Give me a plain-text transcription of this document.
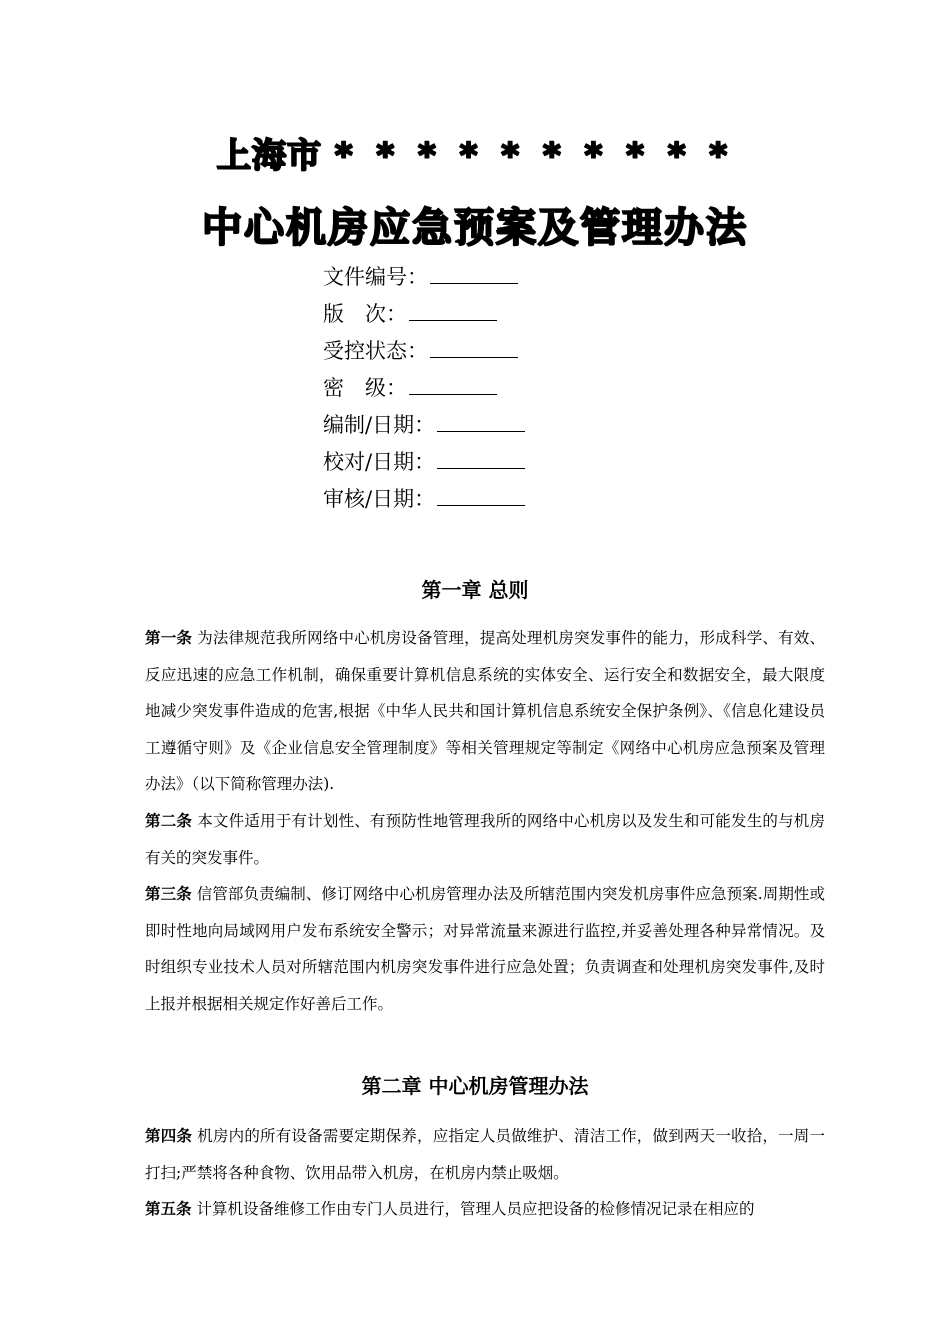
上海市 * * * * * * * * * *
中心机房应急预案及管理办法
文件编号：
版　次：
受控状态：
密　级：
编制/日期：
校对/日期：
审核/日期：
第一章 总则
第一条 为法律规范我所网络中心机房设备管理，提高处理机房突发事件的能力，形成科学、有效、反应迅速的应急工作机制，确保重要计算机信息系统的实体安全、运行安全和数据安全，最大限度地减少突发事件造成的危害,根据《中华人民共和国计算机信息系统安全保护条例》、《信息化建设员工遵循守则》及《企业信息安全管理制度》等相关管理规定等制定《网络中心机房应急预案及管理办法》（以下简称管理办法).
第二条 本文件适用于有计划性、有预防性地管理我所的网络中心机房以及发生和可能发生的与机房有关的突发事件。
第三条 信管部负责编制、修订网络中心机房管理办法及所辖范围内突发机房事件应急预案.周期性或即时性地向局域网用户发布系统安全警示；对异常流量来源进行监控,并妥善处理各种异常情况。及时组织专业技术人员对所辖范围内机房突发事件进行应急处置；负责调查和处理机房突发事件,及时上报并根据相关规定作好善后工作。
第二章 中心机房管理办法
第四条 机房内的所有设备需要定期保养，应指定人员做维护、清洁工作，做到两天一收拾，一周一打扫;严禁将各种食物、饮用品带入机房，在机房内禁止吸烟。
第五条 计算机设备维修工作由专门人员进行，管理人员应把设备的检修情况记录在相应的
